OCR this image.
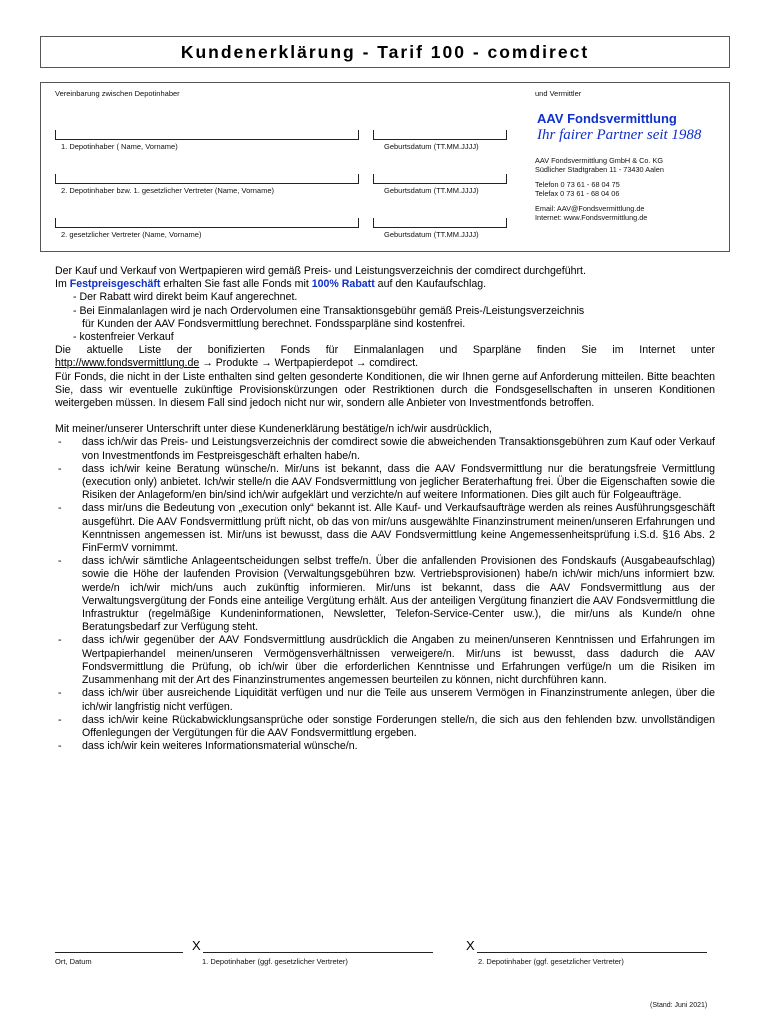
Kundenerklärung - Tarif 100 - comdirect
Vereinbarung zwischen Depotinhaber	und Vermittler
1. Depotinhaber ( Name, Vorname)	Geburtsdatum (TT.MM.JJJJ)
2. Depotinhaber bzw. 1. gesetzlicher Vertreter (Name, Vorname)	Geburtsdatum (TT.MM.JJJJ)
2. gesetzlicher Vertreter (Name, Vorname)	Geburtsdatum (TT.MM.JJJJ)
AAV Fondsvermittlung
Ihr fairer Partner seit 1988
AAV Fondsvermittlung GmbH & Co. KG
Südlicher Stadtgraben 11 - 73430 Aalen
Telefon 0 73 61 - 68 04 75
Telefax 0 73 61 - 68 04 06
Email: AAV@Fondsvermittlung.de
Internet: www.Fondsvermittlung.de

Der Kauf und Verkauf von Wertpapieren wird gemäß Preis- und Leistungsverzeichnis der comdirect durchgeführt.

Im Festpreisgeschäft erhalten Sie fast alle Fonds mit 100% Rabatt auf den Kaufaufschlag.

- Der Rabatt wird direkt beim Kauf angerechnet.

- Bei Einmalanlagen wird je nach Ordervolumen eine Transaktionsgebühr gemäß Preis-/Leistungsverzeichnis

für Kunden der AAV Fondsvermittlung berechnet. Fondssparpläne sind kostenfrei.

- kostenfreier Verkauf

Die aktuelle Liste der bonifizierten Fonds für Einmalanlagen und Sparpläne finden Sie im Internet unter

http://www.fondsvermittlung.de → Produkte → Wertpapierdepot → comdirect.

Für Fonds, die nicht in der Liste enthalten sind gelten gesonderte Konditionen, die wir Ihnen gerne auf Anforderung mitteilen. Bitte beachten Sie, dass wir eventuelle zukünftige Provisionskürzungen oder Restriktionen durch die Fondsgesellschaften in unseren Konditionen weitergeben müssen. In diesem Fall sind jedoch nicht nur wir, sondern alle Anbieter von Investmentfonds betroffen.

Mit meiner/unserer Unterschrift unter diese Kundenerklärung bestätige/n ich/wir ausdrücklich,

-	dass ich/wir das Preis- und Leistungsverzeichnis der comdirect sowie die abweichenden Transaktionsgebühren zum Kauf oder Verkauf von Investmentfonds im Festpreisgeschäft erhalten habe/n.
-	dass ich/wir keine Beratung wünsche/n. Mir/uns ist bekannt, dass die AAV Fondsvermittlung nur die beratungsfreie Vermittlung (execution only) anbietet. Ich/wir stelle/n die AAV Fondsvermittlung von jeglicher Beraterhaftung frei. Über die Eigenschaften sowie die Risiken der Anlageform/en bin/sind ich/wir aufgeklärt und verzichte/n auf weitere Informationen. Dies gilt auch für Folgeaufträge.
-	dass mir/uns die Bedeutung von „execution only“ bekannt ist. Alle Kauf- und Verkaufsaufträge werden als reines Ausführungsgeschäft ausgeführt. Die AAV Fondsvermittlung prüft nicht, ob das von mir/uns ausgewählte Finanzinstrument meinen/unseren Erfahrungen und Kenntnissen angemessen ist. Mir/uns ist bewusst, dass die AAV Fondsvermittlung keine Angemessenheitsprüfung i.S.d. §16 Abs. 2 FinFermV vornimmt.
-	dass ich/wir sämtliche Anlageentscheidungen selbst treffe/n. Über die anfallenden Provisionen des Fondskaufs (Ausgabeaufschlag) sowie die Höhe der laufenden Provision (Verwaltungsgebühren bzw. Vertriebsprovisionen) habe/n ich/wir mich/uns informiert bzw. werde/n ich/wir mich/uns auch zukünftig informieren. Mir/uns ist bekannt, dass die AAV Fondsvermittlung aus der Verwaltungsvergütung der Fonds eine anteilige Vergütung erhält. Aus der anteiligen Vergütung finanziert die AAV Fondsvermittlung die Infrastruktur (regelmäßige Kundeninformationen, Newsletter, Telefon-Service-Center usw.), die mir/uns als Kunde/n ohne Beratungsbedarf zur Verfügung steht.
-	dass ich/wir gegenüber der AAV Fondsvermittlung ausdrücklich die Angaben zu meinen/unseren Kenntnissen und Erfahrungen im Wertpapierhandel meinen/unseren Vermögensverhältnissen verweigere/n. Mir/uns ist bewusst, dass dadurch die AAV Fondsvermittlung die Prüfung, ob ich/wir über die erforderlichen Kenntnisse und Erfahrungen verfüge/n um die Risiken im Zusammenhang mit der Art des Finanzinstrumentes angemessen beurteilen zu können, nicht durchführen kann.
-	dass ich/wir über ausreichende Liquidität verfügen und nur die Teile aus unserem Vermögen in Finanzinstrumente anlegen, über die ich/wir langfristig nicht verfügen.
-	dass ich/wir keine Rückabwicklungsansprüche oder sonstige Forderungen stelle/n, die sich aus den fehlenden bzw. unvollständigen Offenlegungen der Vergütungen für die AAV Fondsvermittlung ergeben.
-	dass ich/wir kein weiteres Informationsmaterial wünsche/n.
X	X
Ort, Datum	1. Depotinhaber (ggf. gesetzlicher Vertreter)	2. Depotinhaber (ggf. gesetzlicher Vertreter)
(Stand: Juni 2021)
